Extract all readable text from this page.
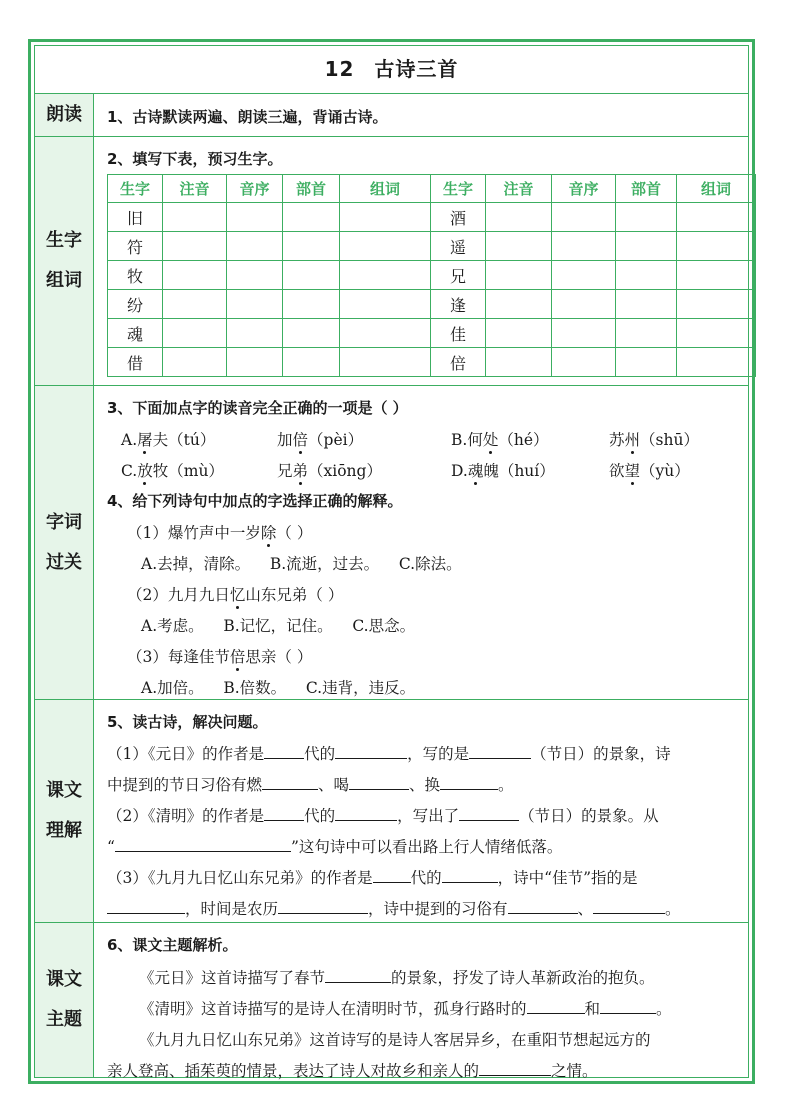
12 古诗三首
朗读 1、古诗默读两遍、朗读三遍，背诵古诗。
生字
组词
2、填写下表，预习生字。
生字	注音	音序	部首	组词	生字	注音	音序	部首	组词
旧					酒				
符					遥				
牧					兄				
纷					逢				
魂					佳				
借					倍				
字词
过关
3、下面加点字的读音完全正确的一项是（ ）
A.屠夫（tú）	加倍（pèi）	B.何处（hé）	苏州（shū）
C.放牧（mù）	兄弟（xiōng）	D.魂魄（huí）	欲望（yù）
4、给下列诗句中加点的字选择正确的解释。
（1）爆竹声中一岁除（ ）
A.去掉，清除。    B.流逝，过去。    C.除法。
（2）九月九日忆山东兄弟（ ）
A.考虑。    B.记忆，记住。    C.思念。
（3）每逢佳节倍思亲（ ）
A.加倍。    B.倍数。    C.违背，违反。
课文
理解
5、读古诗，解决问题。
（1）《元日》的作者是	代的	，写的是	（节日）的景象，诗
中提到的节日习俗有燃	、喝	、换	。
（2）《清明》的作者是	代的	，写出了	（节日）的景象。从
“	”这句诗中可以看出路上行人情绪低落。
（3）《九月九日忆山东兄弟》的作者是 代的	，诗中“佳节”指的是
，时间是农历	，诗中提到的习俗有	、	。
课文
主题
6、课文主题解析。
《元日》这首诗描写了春节	的景象，抒发了诗人革新政治的抱负。
《清明》这首诗描写的是诗人在清明时节，孤身行路时的	和	。
《九月九日忆山东兄弟》这首诗写的是诗人客居异乡，在重阳节想起远方的
亲人登高、插茱萸的情景，表达了诗人对故乡和亲人的	之情。
